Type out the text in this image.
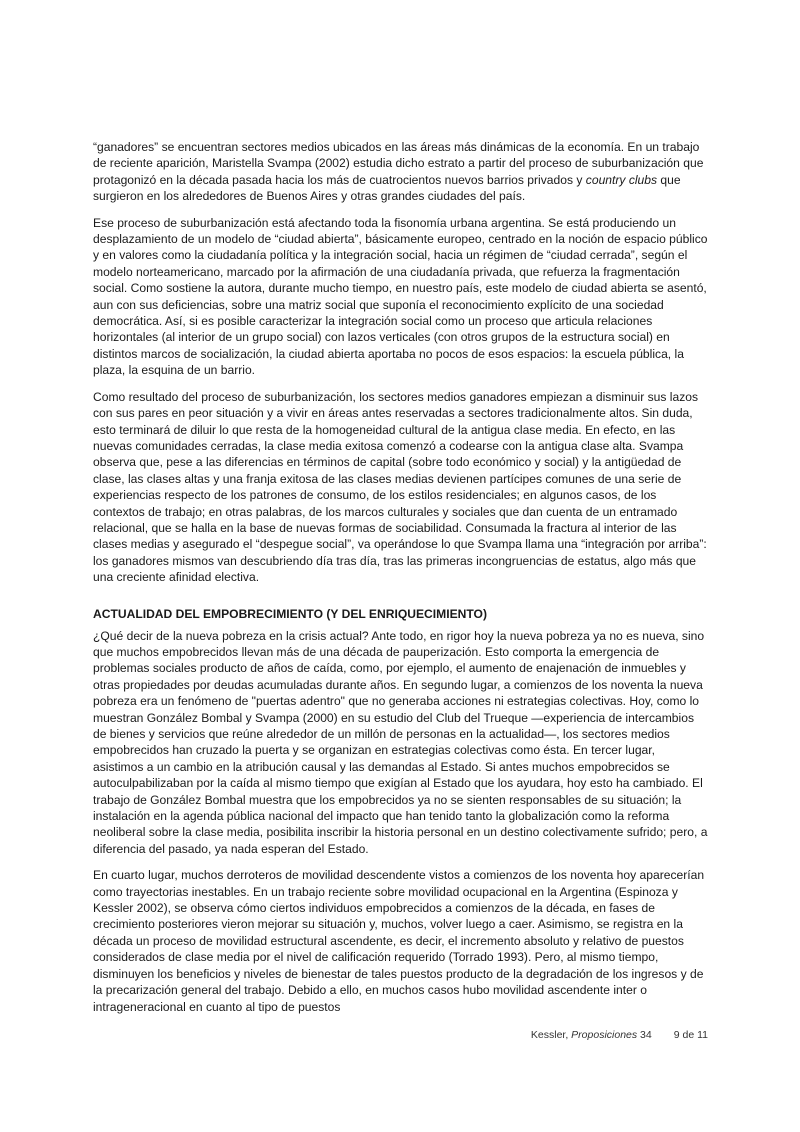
“ganadores” se encuentran sectores medios ubicados en las áreas más dinámicas de la economía. En un trabajo de reciente aparición, Maristella Svampa (2002) estudia dicho estrato a partir del proceso de suburbanización que protagonizó en la década pasada hacia los más de cuatrocientos nuevos barrios privados y country clubs que surgieron en los alrededores de Buenos Aires y otras grandes ciudades del país.

Ese proceso de suburbanización está afectando toda la fisonomía urbana argentina. Se está produciendo un desplazamiento de un modelo de “ciudad abierta”, básicamente europeo, centrado en la noción de espacio público y en valores como la ciudadanía política y la integración social, hacia un régimen de “ciudad cerrada”, según el modelo norteamericano, marcado por la afirmación de una ciudadanía privada, que refuerza la fragmentación social. Como sostiene la autora, durante mucho tiempo, en nuestro país, este modelo de ciudad abierta se asentó, aun con sus deficiencias, sobre una matriz social que suponía el reconocimiento explícito de una sociedad democrática. Así, si es posible caracterizar la integración social como un proceso que articula relaciones horizontales (al interior de un grupo social) con lazos verticales (con otros grupos de la estructura social) en distintos marcos de socialización, la ciudad abierta aportaba no pocos de esos espacios: la escuela pública, la plaza, la esquina de un barrio.

Como resultado del proceso de suburbanización, los sectores medios ganadores empiezan a disminuir sus lazos con sus pares en peor situación y a vivir en áreas antes reservadas a sectores tradicionalmente altos. Sin duda, esto terminará de diluir lo que resta de la homogeneidad cultural de la antigua clase media. En efecto, en las nuevas comunidades cerradas, la clase media exitosa comenzó a codearse con la antigua clase alta. Svampa observa que, pese a las diferencias en términos de capital (sobre todo económico y social) y la antigüedad de clase, las clases altas y una franja exitosa de las clases medias devienen partícipes comunes de una serie de experiencias respecto de los patrones de consumo, de los estilos residenciales; en algunos casos, de los contextos de trabajo; en otras palabras, de los marcos culturales y sociales que dan cuenta de un entramado relacional, que se halla en la base de nuevas formas de sociabilidad. Consumada la fractura al interior de las clases medias y asegurado el “despegue social”, va operándose lo que Svampa llama una “integración por arriba”: los ganadores mismos van descubriendo día tras día, tras las primeras incongruencias de estatus, algo más que una creciente afinidad electiva.

ACTUALIDAD DEL EMPOBRECIMIENTO (Y DEL ENRIQUECIMIENTO)

¿Qué decir de la nueva pobreza en la crisis actual? Ante todo, en rigor hoy la nueva pobreza ya no es nueva, sino que muchos empobrecidos llevan más de una década de pauperización. Esto comporta la emergencia de problemas sociales producto de años de caída, como, por ejemplo, el aumento de enajenación de inmuebles y otras propiedades por deudas acumuladas durante años. En segundo lugar, a comienzos de los noventa la nueva pobreza era un fenómeno de "puertas adentro" que no generaba acciones ni estrategias colectivas. Hoy, como lo muestran González Bombal y Svampa (2000) en su estudio del Club del Trueque —experiencia de intercambios de bienes y servicios que reúne alrededor de un millón de personas en la actualidad—, los sectores medios empobrecidos han cruzado la puerta y se organizan en estrategias colectivas como ésta. En tercer lugar, asistimos a un cambio en la atribución causal y las demandas al Estado. Si antes muchos empobrecidos se autoculpabilizaban por la caída al mismo tiempo que exigían al Estado que los ayudara, hoy esto ha cambiado. El trabajo de González Bombal muestra que los empobrecidos ya no se sienten responsables de su situación; la instalación en la agenda pública nacional del impacto que han tenido tanto la globalización como la reforma neoliberal sobre la clase media, posibilita inscribir la historia personal en un destino colectivamente sufrido; pero, a diferencia del pasado, ya nada esperan del Estado.

En cuarto lugar, muchos derroteros de movilidad descendente vistos a comienzos de los noventa hoy aparecerían como trayectorias inestables. En un trabajo reciente sobre movilidad ocupacional en la Argentina (Espinoza y Kessler 2002), se observa cómo ciertos individuos empobrecidos a comienzos de la década, en fases de crecimiento posteriores vieron mejorar su situación y, muchos, volver luego a caer. Asimismo, se registra en la década un proceso de movilidad estructural ascendente, es decir, el incremento absoluto y relativo de puestos considerados de clase media por el nivel de calificación requerido (Torrado 1993). Pero, al mismo tiempo, disminuyen los beneficios y niveles de bienestar de tales puestos producto de la degradación de los ingresos y de la precarización general del trabajo. Debido a ello, en muchos casos hubo movilidad ascendente inter o intrageneracional en cuanto al tipo de puestos

Kessler, Proposiciones 34 9 de 11
